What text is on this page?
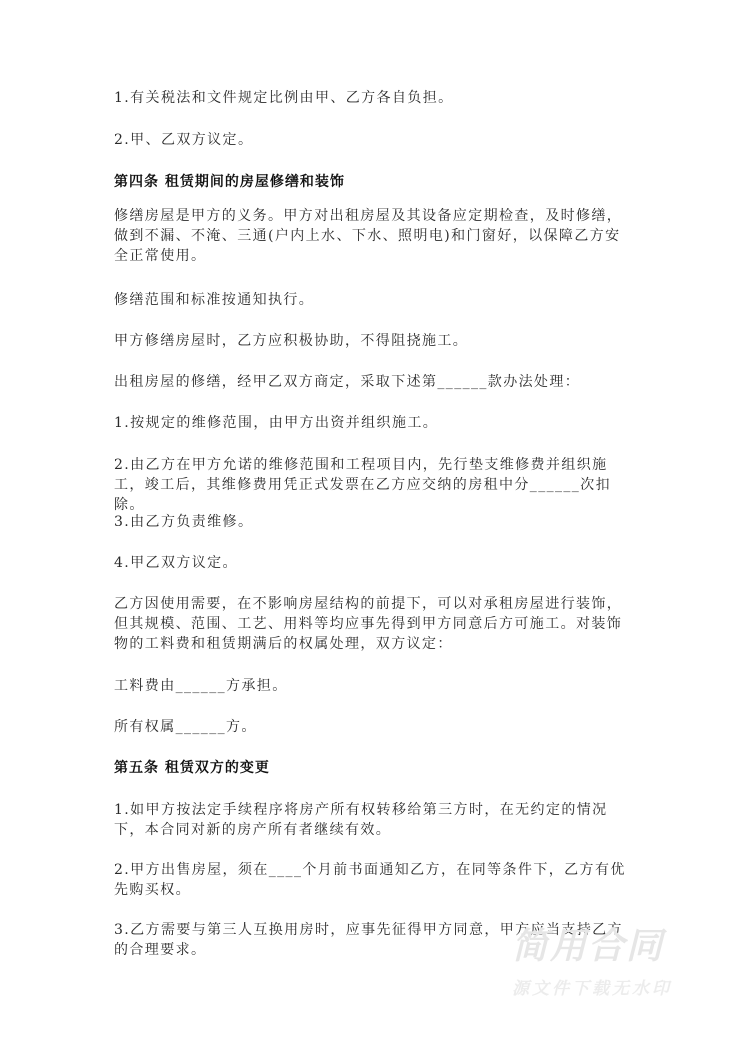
1.有关税法和文件规定比例由甲、乙方各自负担。
2.甲、乙双方议定。
第四条 租赁期间的房屋修缮和装饰
修缮房屋是甲方的义务。甲方对出租房屋及其设备应定期检查，及时修缮，做到不漏、不淹、三通(户内上水、下水、照明电)和门窗好，以保障乙方安全正常使用。
修缮范围和标准按通知执行。
甲方修缮房屋时，乙方应积极协助，不得阻挠施工。
出租房屋的修缮，经甲乙双方商定，采取下述第______款办法处理：
1.按规定的维修范围，由甲方出资并组织施工。
2.由乙方在甲方允诺的维修范围和工程项目内，先行垫支维修费并组织施工，竣工后，其维修费用凭正式发票在乙方应交纳的房租中分______次扣除。
3.由乙方负责维修。
4.甲乙双方议定。
乙方因使用需要，在不影响房屋结构的前提下，可以对承租房屋进行装饰，但其规模、范围、工艺、用料等均应事先得到甲方同意后方可施工。对装饰物的工料费和租赁期满后的权属处理，双方议定：
工料费由______方承担。
所有权属______方。
第五条 租赁双方的变更
1.如甲方按法定手续程序将房产所有权转移给第三方时，在无约定的情况下，本合同对新的房产所有者继续有效。
2.甲方出售房屋，须在____个月前书面通知乙方，在同等条件下，乙方有优先购买权。
3.乙方需要与第三人互换用房时，应事先征得甲方同意，甲方应当支持乙方的合理要求。	简用合同
源文件下载无水印
